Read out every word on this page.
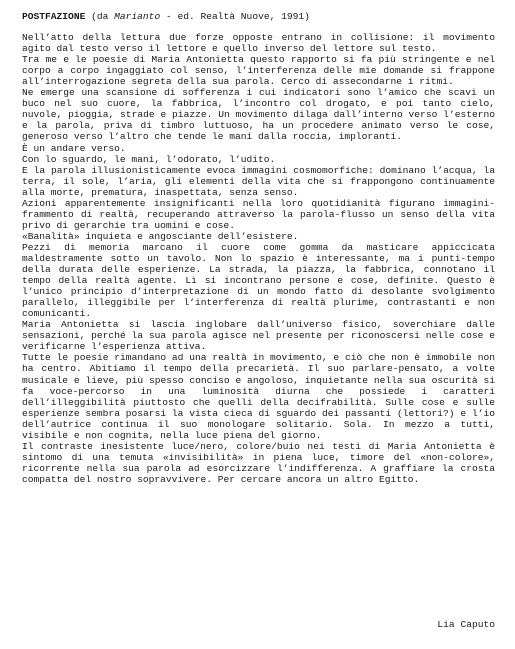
POSTFAZIONE (da Marianto - ed. Realtà Nuove, 1991)

Nell’atto della lettura due forze opposte entrano in collisione: il movimento agito dal testo verso il lettore e quello inverso del lettore sul testo.

Tra me e le poesie di Maria Antonietta questo rapporto si fa più stringente e nel corpo a corpo ingaggiato col senso, l’interferenza delle mie domande si frappone all’interrogazione segreta della sua parola. Cerco di assecondarne i ritmi.

Ne emerge una scansione di sofferenza i cui indicatori sono l’amico che scavi un buco nel suo cuore, la fabbrica, l’incontro col drogato, e poi tanto cielo, nuvole, pioggia, strade e piazze. Un movimento dilaga dall’interno verso l’esterno e la parola, priva di timbro luttuoso, ha un procedere animato verso le cose, generoso verso l’altro che tende le mani dalla roccia, imploranti.

È un andare verso.

Con lo sguardo, le mani, l’odorato, l’udito.

E la parola illusionisticamente evoca immagini cosmomorfiche: dominano l’acqua, la terra, il sole, l’aria, gli elementi della vita che si frappongono continuamente alla morte, prematura, inaspettata, senza senso.

Azioni apparentemente insignificanti nella loro quotidianità figurano immagini-frammento di realtà, recuperando attraverso la parola-flusso un senso della vita privo di gerarchie tra uomini e cose.

«Banalità» inquieta e angosciante dell’esistere.

Pezzi di memoria marcano il cuore come gomma da masticare appiccicata maldestramente sotto un tavolo. Non lo spazio è interessante, ma i punti-tempo della durata delle esperienze. La strada, la piazza, la fabbrica, connotano il tempo della realtà agente. Lì si incontrano persone e cose, definite. Questo è l’unico principio d’interpretazione di un mondo fatto di desolante svolgimento parallelo, illeggibile per l’interferenza di realtà plurime, contrastanti e non comunicanti.

Maria Antonietta si lascia inglobare dall’universo fisico, soverchiare dalle sensazioni, perché la sua parola agisce nel presente per riconoscersi nelle cose e verificarne l’esperienza attiva.

Tutte le poesie rimandano ad una realtà in movimento, e ciò che non è immobile non ha centro. Abitiamo il tempo della precarietà. Il suo parlare-pensato, a volte musicale e lieve, più spesso conciso e angoloso, inquietante nella sua oscurità si fa voce-percorso in una luminosità diurna che possiede i caratteri dell’illeggibilità piuttosto che quelli della decifrabilità. Sulle cose e sulle esperienze sembra posarsi la vista cieca di sguardo dei passanti (lettori?) e l’io dell’autrice continua il suo monologare solitario. Sola. In mezzo a tutti, visibile e non cognita, nella luce piena del giorno.

Il contraste inesistente luce/nero, colore/buio nei testi di Maria Antonietta è sintomo di una temuta «invisibilità» in piena luce, timore del «non-colore», ricorrente nella sua parola ad esorcizzare l’indifferenza. A graffiare la crosta compatta del nostro sopravvivere. Per cercare ancora un altro Egitto.

Lia Caputo
